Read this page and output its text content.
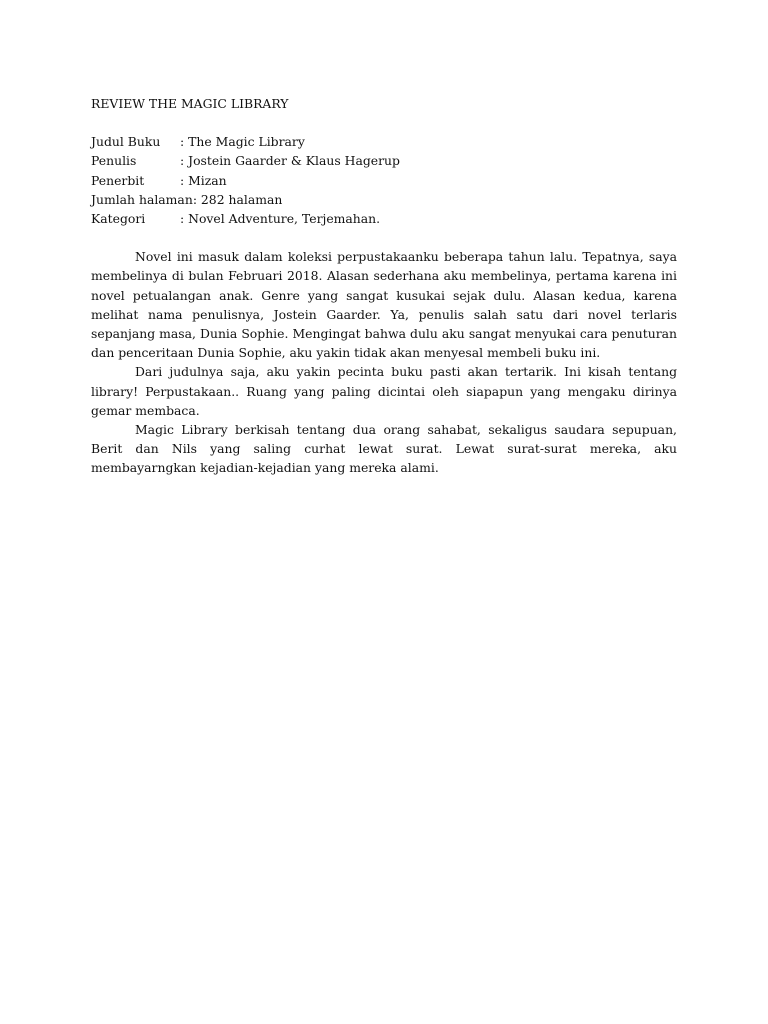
REVIEW THE MAGIC LIBRARY
Judul Buku : The Magic Library
Penulis	: Jostein Gaarder & Klaus Hagerup
Penerbit	: Mizan
Jumlah halaman: 282 halaman
Kategori	: Novel Adventure, Terjemahan.

Novel ini masuk dalam koleksi perpustakaanku beberapa tahun lalu. Tepatnya, saya membelinya di bulan Februari 2018. Alasan sederhana aku membelinya, pertama karena ini novel petualangan anak. Genre yang sangat kusukai sejak dulu. Alasan kedua, karena melihat nama penulisnya, Jostein Gaarder. Ya, penulis salah satu dari novel terlaris sepanjang masa, Dunia Sophie. Mengingat bahwa dulu aku sangat menyukai cara penuturan dan penceritaan Dunia Sophie, aku yakin tidak akan menyesal membeli buku ini.

Dari judulnya saja, aku yakin pecinta buku pasti akan tertarik. Ini kisah tentang library! Perpustakaan.. Ruang yang paling dicintai oleh siapapun yang mengaku dirinya gemar membaca.

Magic Library berkisah tentang dua orang sahabat, sekaligus saudara sepupuan, Berit dan Nils yang saling curhat lewat surat. Lewat surat-surat mereka, aku membayarngkan kejadian-kejadian yang mereka alami.
